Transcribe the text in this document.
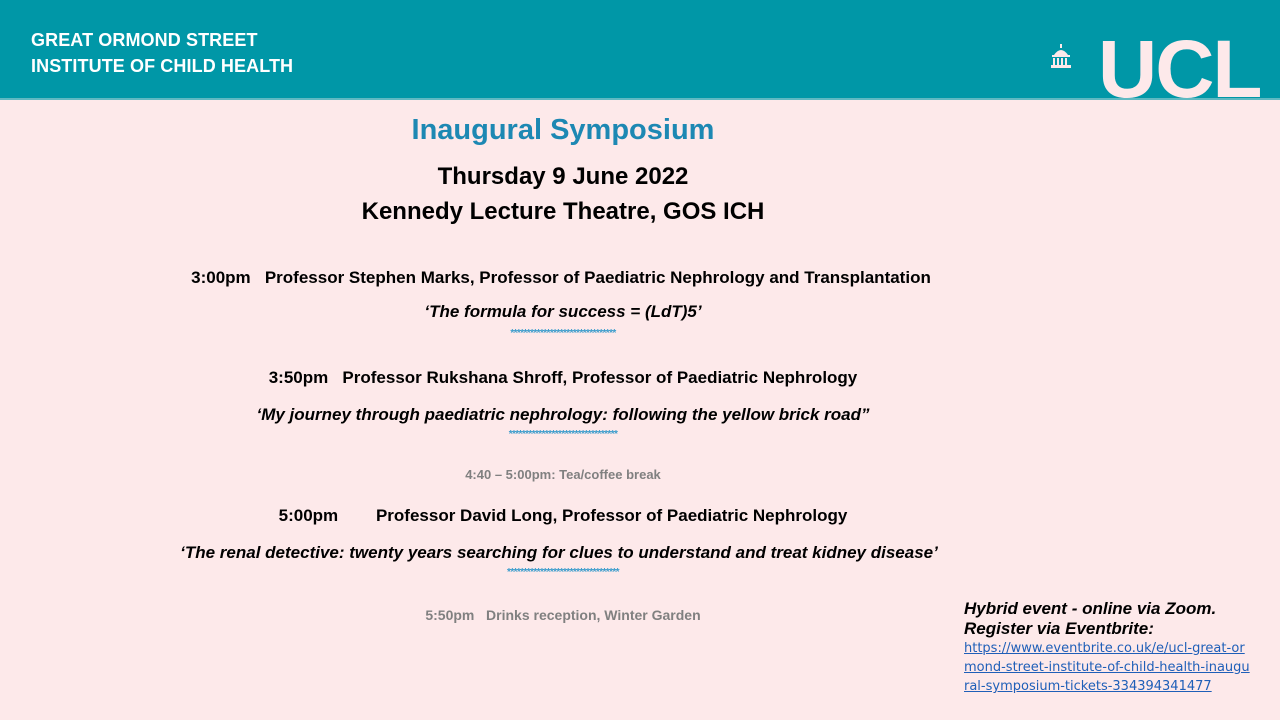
GREAT ORMOND STREET
INSTITUTE OF CHILD HEALTH	UCL
Inaugural Symposium
Thursday 9 June 2022
Kennedy Lecture Theatre, GOS ICH
3:00pm Professor Stephen Marks, Professor of Paediatric Nephrology and Transplantation
‘The formula for success = (LdT)5’
********************************
3:50pm Professor Rukshana Shroff, Professor of Paediatric Nephrology
‘My journey through paediatric nephrology: following the yellow brick road”
*********************************
4:40 – 5:00pm: Tea/coffee break
5:00pm Professor David Long, Professor of Paediatric Nephrology
‘The renal detective: twenty years searching for clues to understand and treat kidney disease’
**********************************
5:50pm Drinks reception, Winter Garden	Hybrid event - online via Zoom.
Register via Eventbrite:
https://www.eventbrite.co.uk/e/ucl-great-ormond-street-institute-of-child-health-inaugural-symposium-tickets-334394341477
